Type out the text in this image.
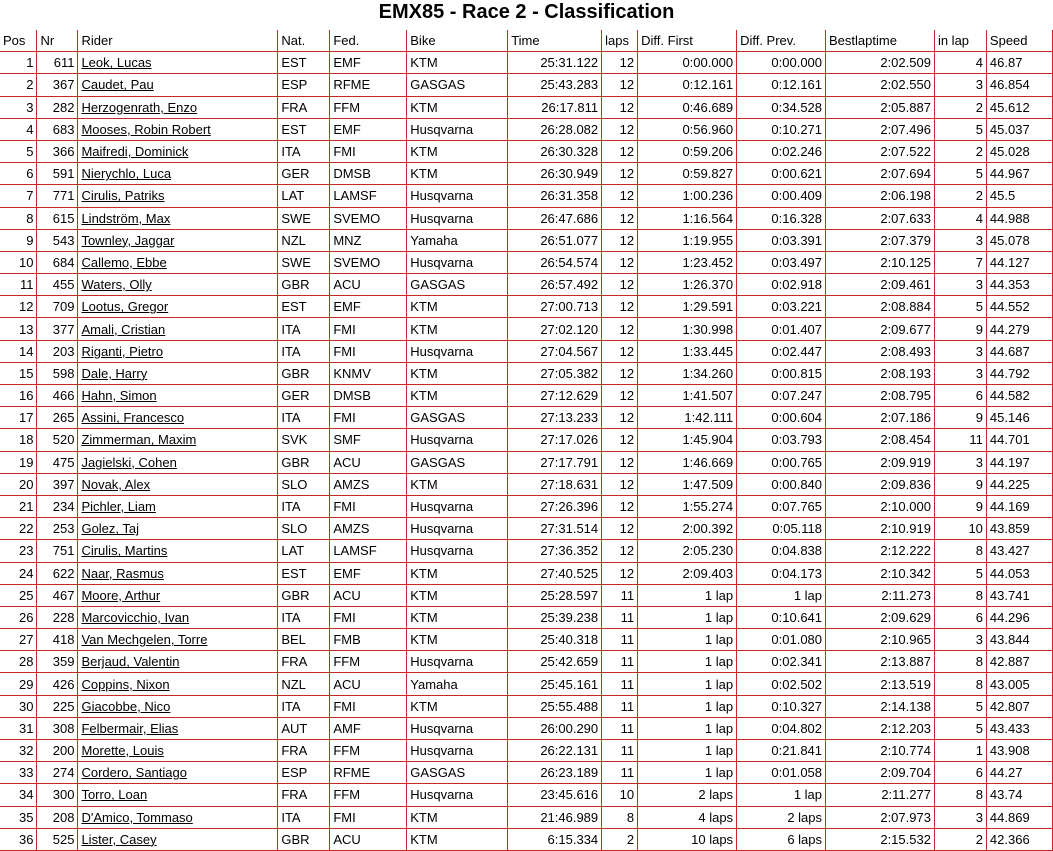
EMX85 - Race 2 - Classification
Pos	Nr	Rider	Nat.	Fed.	Bike	Time	laps	Diff. First	Diff. Prev.	Bestlaptime	in lap	Speed
1	611	Leok, Lucas	EST	EMF	KTM	25:31.122	12	0:00.000	0:00.000	2:02.509	4	46.87
2	367	Caudet, Pau	ESP	RFME	GASGAS	25:43.283	12	0:12.161	0:12.161	2:02.550	3	46.854
3	282	Herzogenrath, Enzo	FRA	FFM	KTM	26:17.811	12	0:46.689	0:34.528	2:05.887	2	45.612
4	683	Mooses, Robin Robert	EST	EMF	Husqvarna	26:28.082	12	0:56.960	0:10.271	2:07.496	5	45.037
5	366	Maifredi, Dominick	ITA	FMI	KTM	26:30.328	12	0:59.206	0:02.246	2:07.522	2	45.028
6	591	Nierychlo, Luca	GER	DMSB	KTM	26:30.949	12	0:59.827	0:00.621	2:07.694	5	44.967
7	771	Cirulis, Patriks	LAT	LAMSF	Husqvarna	26:31.358	12	1:00.236	0:00.409	2:06.198	2	45.5
8	615	Lindström, Max	SWE	SVEMO	Husqvarna	26:47.686	12	1:16.564	0:16.328	2:07.633	4	44.988
9	543	Townley, Jaggar	NZL	MNZ	Yamaha	26:51.077	12	1:19.955	0:03.391	2:07.379	3	45.078
10	684	Callemo, Ebbe	SWE	SVEMO	Husqvarna	26:54.574	12	1:23.452	0:03.497	2:10.125	7	44.127
11	455	Waters, Olly	GBR	ACU	GASGAS	26:57.492	12	1:26.370	0:02.918	2:09.461	3	44.353
12	709	Lootus, Gregor	EST	EMF	KTM	27:00.713	12	1:29.591	0:03.221	2:08.884	5	44.552
13	377	Amali, Cristian	ITA	FMI	KTM	27:02.120	12	1:30.998	0:01.407	2:09.677	9	44.279
14	203	Riganti, Pietro	ITA	FMI	Husqvarna	27:04.567	12	1:33.445	0:02.447	2:08.493	3	44.687
15	598	Dale, Harry	GBR	KNMV	KTM	27:05.382	12	1:34.260	0:00.815	2:08.193	3	44.792
16	466	Hahn, Simon	GER	DMSB	KTM	27:12.629	12	1:41.507	0:07.247	2:08.795	6	44.582
17	265	Assini, Francesco	ITA	FMI	GASGAS	27:13.233	12	1:42.111	0:00.604	2:07.186	9	45.146
18	520	Zimmerman, Maxim	SVK	SMF	Husqvarna	27:17.026	12	1:45.904	0:03.793	2:08.454	11	44.701
19	475	Jagielski, Cohen	GBR	ACU	GASGAS	27:17.791	12	1:46.669	0:00.765	2:09.919	3	44.197
20	397	Novak, Alex	SLO	AMZS	KTM	27:18.631	12	1:47.509	0:00.840	2:09.836	9	44.225
21	234	Pichler, Liam	ITA	FMI	Husqvarna	27:26.396	12	1:55.274	0:07.765	2:10.000	9	44.169
22	253	Golez, Taj	SLO	AMZS	Husqvarna	27:31.514	12	2:00.392	0:05.118	2:10.919	10	43.859
23	751	Cirulis, Martins	LAT	LAMSF	Husqvarna	27:36.352	12	2:05.230	0:04.838	2:12.222	8	43.427
24	622	Naar, Rasmus	EST	EMF	KTM	27:40.525	12	2:09.403	0:04.173	2:10.342	5	44.053
25	467	Moore, Arthur	GBR	ACU	KTM	25:28.597	11	1 lap	1 lap	2:11.273	8	43.741
26	228	Marcovicchio, Ivan	ITA	FMI	KTM	25:39.238	11	1 lap	0:10.641	2:09.629	6	44.296
27	418	Van Mechgelen, Torre	BEL	FMB	KTM	25:40.318	11	1 lap	0:01.080	2:10.965	3	43.844
28	359	Berjaud, Valentin	FRA	FFM	Husqvarna	25:42.659	11	1 lap	0:02.341	2:13.887	8	42.887
29	426	Coppins, Nixon	NZL	ACU	Yamaha	25:45.161	11	1 lap	0:02.502	2:13.519	8	43.005
30	225	Giacobbe, Nico	ITA	FMI	KTM	25:55.488	11	1 lap	0:10.327	2:14.138	5	42.807
31	308	Felbermair, Elias	AUT	AMF	Husqvarna	26:00.290	11	1 lap	0:04.802	2:12.203	5	43.433
32	200	Morette, Louis	FRA	FFM	Husqvarna	26:22.131	11	1 lap	0:21.841	2:10.774	1	43.908
33	274	Cordero, Santiago	ESP	RFME	GASGAS	26:23.189	11	1 lap	0:01.058	2:09.704	6	44.27
34	300	Torro, Loan	FRA	FFM	Husqvarna	23:45.616	10	2 laps	1 lap	2:11.277	8	43.74
35	208	D'Amico, Tommaso	ITA	FMI	KTM	21:46.989	8	4 laps	2 laps	2:07.973	3	44.869
36	525	Lister, Casey	GBR	ACU	KTM	6:15.334	2	10 laps	6 laps	2:15.532	2	42.366
